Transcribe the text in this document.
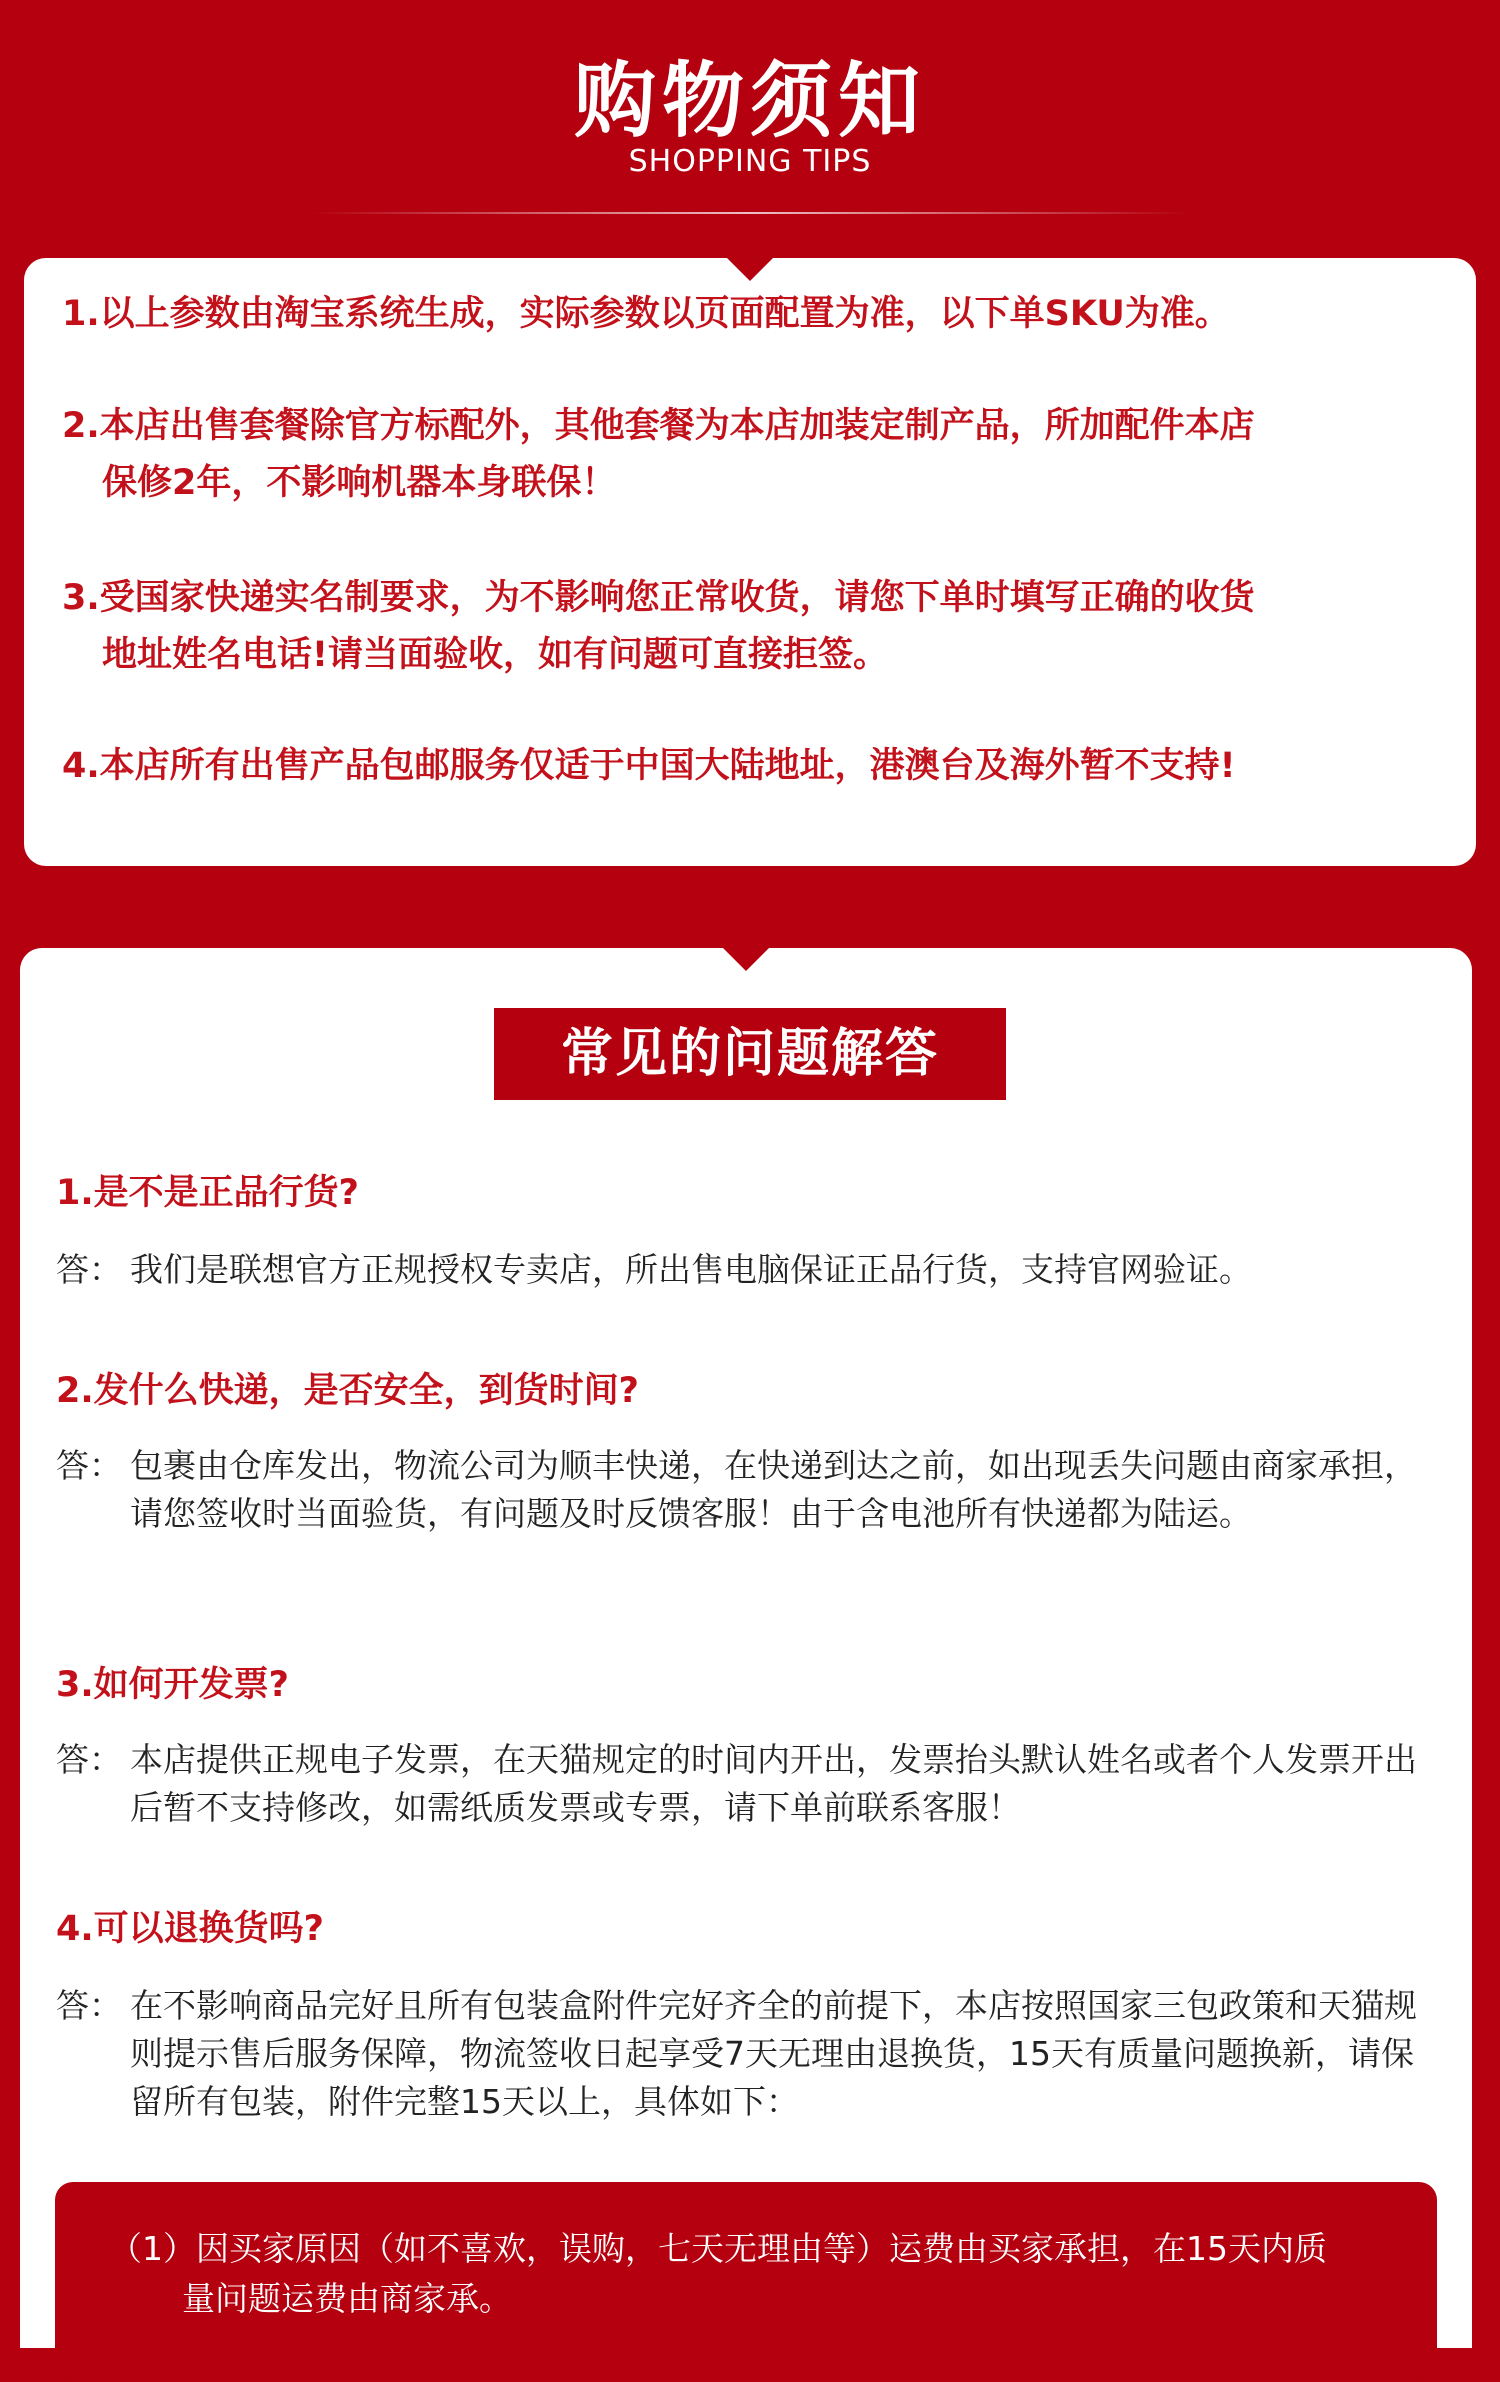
购物须知
SHOPPING TIPS
1.以上参数由淘宝系统生成，实际参数以页面配置为准，以下单SKU为准。
2.本店出售套餐除官方标配外，其他套餐为本店加装定制产品，所加配件本店
保修2年，不影响机器本身联保！
3.受国家快递实名制要求，为不影响您正常收货，请您下单时填写正确的收货
地址姓名电话!请当面验收，如有问题可直接拒签。
4.本店所有出售产品包邮服务仅适于中国大陆地址，港澳台及海外暂不支持!
常见的问题解答
1.是不是正品行货?
答： 我们是联想官方正规授权专卖店，所出售电脑保证正品行货，支持官网验证。
2.发什么快递，是否安全，到货时间?
答： 包裹由仓库发出，物流公司为顺丰快递，在快递到达之前，如出现丢失问题由商家承担，请您签收时当面验货，有问题及时反馈客服！由于含电池所有快递都为陆运。
3.如何开发票?
答： 本店提供正规电子发票，在天猫规定的时间内开出，发票抬头默认姓名或者个人发票开出后暂不支持修改，如需纸质发票或专票，请下单前联系客服！
4.可以退换货吗?
答： 在不影响商品完好且所有包装盒附件完好齐全的前提下，本店按照国家三包政策和天猫规则提示售后服务保障，物流签收日起享受7天无理由退换货，15天有质量问题换新，请保留所有包装，附件完整15天以上，具体如下：
（1）因买家原因（如不喜欢，误购，七天无理由等）运费由买家承担，在15天内质
量问题运费由商家承。
